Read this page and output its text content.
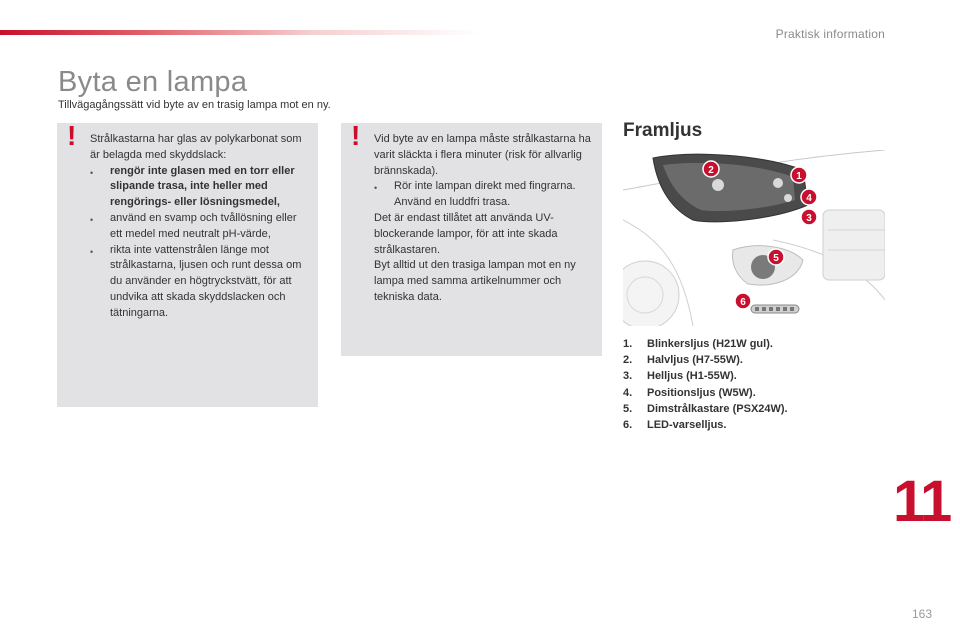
Praktisk information
Byta en lampa
Tillvägagångssätt vid byte av en trasig lampa mot en ny.
! Strålkastarna har glas av polykarbonat som är belagda med skyddslack:
•	rengör inte glasen med en torr eller slipande trasa, inte heller med rengörings- eller lösningsmedel,
•	använd en svamp och tvållösning eller ett medel med neutralt pH-värde,
•	rikta inte vattenstrålen länge mot strålkastarna, ljusen och runt dessa om du använder en högtryckstvätt, för att undvika att skada skyddslacken och tätningarna.
! Vid byte av en lampa måste strålkastarna ha varit släckta i flera minuter (risk för allvarlig brännskada).
•	Rör inte lampan direkt med fingrarna. Använd en luddfri trasa.
Det är endast tillåtet att använda UV-blockerande lampor, för att inte skada strålkastaren.
Byt alltid ut den trasiga lampan mot en ny lampa med samma artikelnummer och tekniska data.
Framljus
1
2
3
4
5
6
1.	Blinkersljus (H21W gul).
2.	Halvljus (H7-55W).
3.	Helljus (H1-55W).
4.	Positionsljus (W5W).
5.	Dimstrålkastare (PSX24W).
6.	LED-varselljus.
11
163
